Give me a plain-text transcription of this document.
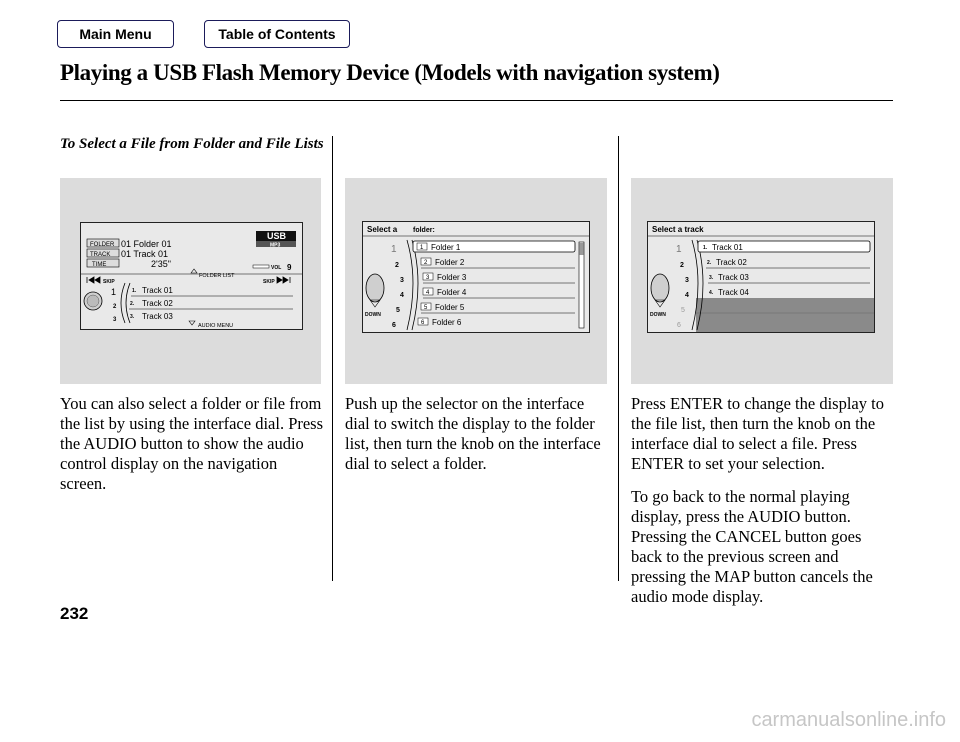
Main Menu	Table of Contents
Playing a USB Flash Memory Device (Models with navigation system)
To Select a File from Folder and File Lists
FOLDER
TRACK
TIME
01 Folder 01
01 Track 01
2'35"
USB
MP3
VOL 9
SKIP
FOLDER LIST
SKIP
1
2
3
1. Track 01
2. Track 02
3. Track 03
AUDIO MENU
Select a folder:
DOWN
1
2
3
4
5
6
1 Folder 1
2 Folder 2
3 Folder 3
4 Folder 4
5 Folder 5
6 Folder 6
Select a track
DOWN
1
2
3
4
5
6
1. Track 01
2. Track 02
3. Track 03
4. Track 04

You can also select a folder or file from the list by using the interface dial. Press the AUDIO button to show the audio control display on the navigation screen.

Push up the selector on the interface dial to switch the display to the folder list, then turn the knob on the interface dial to select a folder.

Press ENTER to change the display to the file list, then turn the knob on the interface dial to select a file. Press ENTER to set your selection.

To go back to the normal playing display, press the AUDIO button. Pressing the CANCEL button goes back to the previous screen and pressing the MAP button cancels the audio mode display.

232
carmanualsonline.info
